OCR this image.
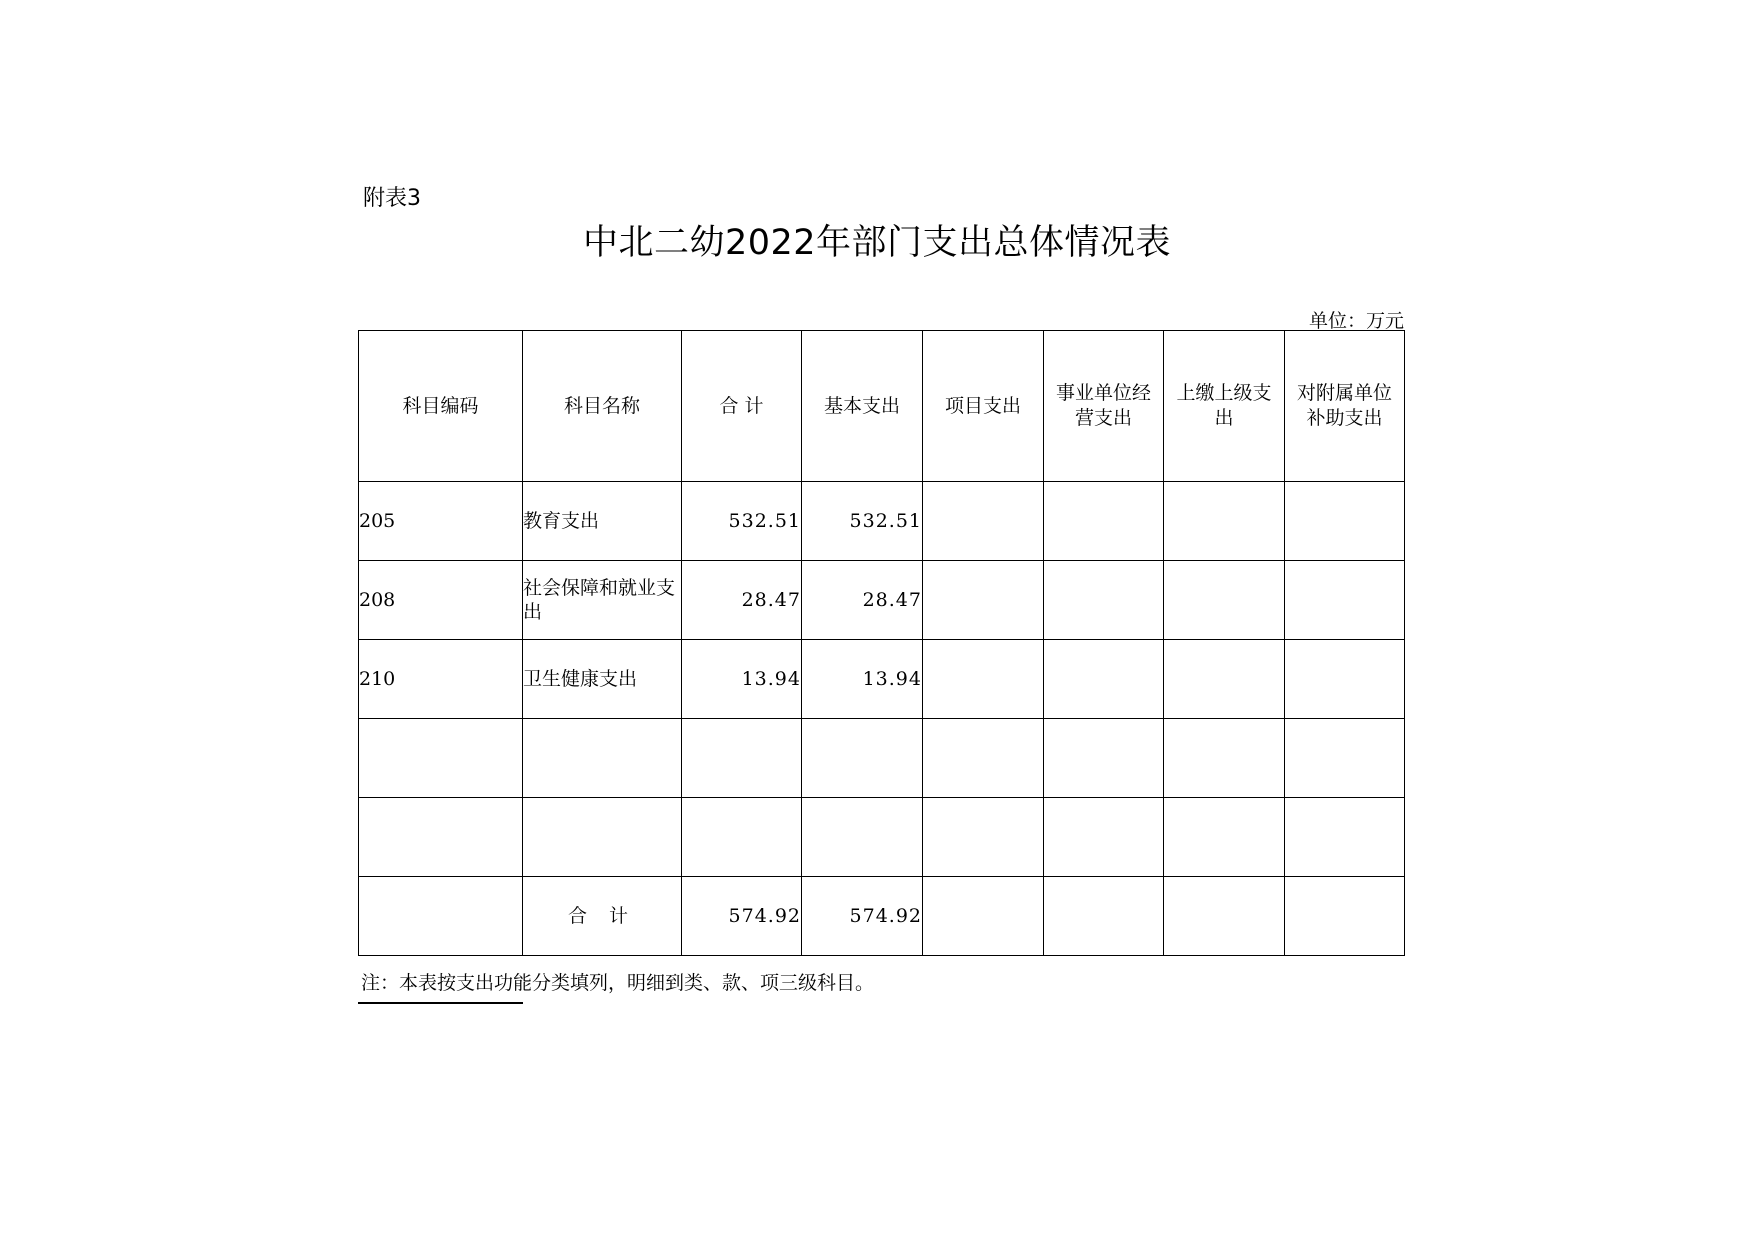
附表3
中北二幼2022年部门支出总体情况表
单位：万元
科目编码	科目名称	合 计	基本支出	项目支出	事业单位经营支出	上缴上级支出	对附属单位补助支出
205	教育支出	532.51	532.51				
208	社会保障和就业支出	28.47	28.47				
210	卫生健康支出	13.94	13.94				

	合 计	574.92	574.92				
注：本表按支出功能分类填列，明细到类、款、项三级科目。
